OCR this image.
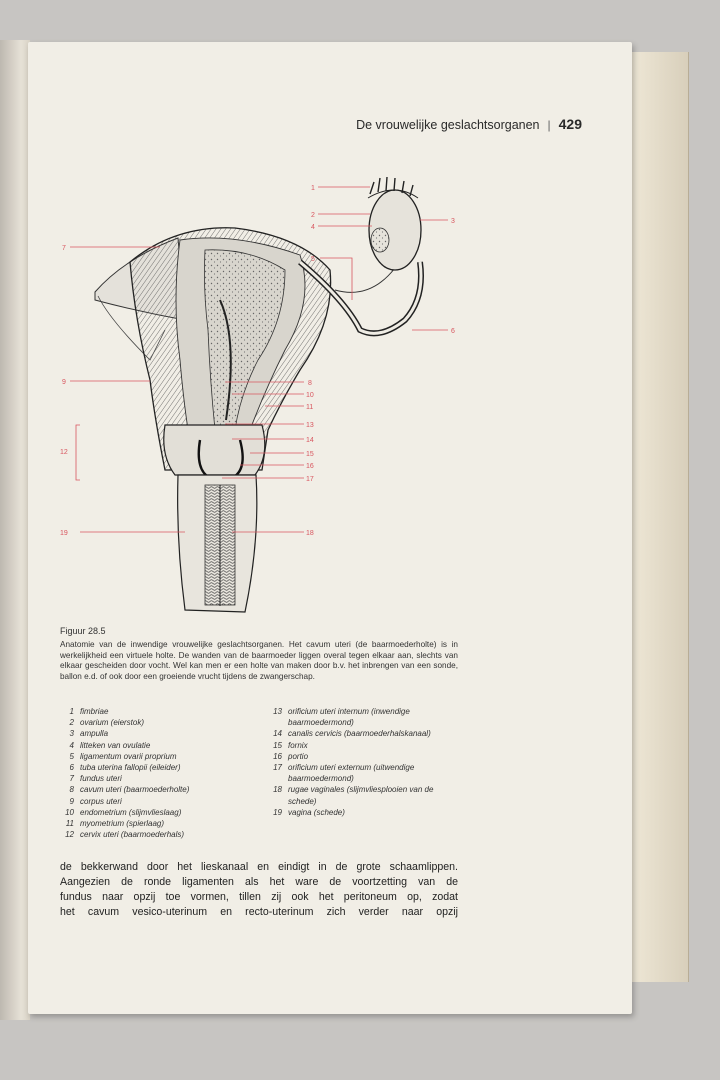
De vrouwelijke geslachtsorganen | 429
1
2
3
4
5
6
7
8
9
10
11
12
13
14
15
16
17
18
19
Figuur 28.5
Anatomie van de inwendige vrouwelijke geslachtsorganen. Het cavum uteri (de baarmoederholte) is in werkelijkheid een virtuele holte. De wanden van de baarmoeder liggen overal tegen elkaar aan, slechts van elkaar gescheiden door vocht. Wel kan men er een holte van maken door b.v. het inbrengen van een sonde, ballon e.d. of ook door een groeiende vrucht tijdens de zwangerschap.
1 fimbriae
2 ovarium (eierstok)
3 ampulla
4 litteken van ovulatie
5 ligamentum ovarii proprium
6 tuba uterina fallopii (eileider)
7 fundus uteri
8 cavum uteri (baarmoederholte)
9 corpus uteri
10 endometrium (slijmvlieslaag)
11 myometrium (spierlaag)
12 cervix uteri (baarmoederhals)
13 orificium uteri internum (inwendige baarmoedermond)
14 canalis cervicis (baarmoederhalskanaal)
15 fornix
16 portio
17 orificium uteri externum (uitwendige baarmoedermond)
18 rugae vaginales (slijmvliesplooien van de schede)
19 vagina (schede)
de bekkerwand door het lieskanaal en eindigt in de grote schaamlippen.
Aangezien de ronde ligamenten als het ware de voortzetting van de
fundus naar opzij toe vormen, tillen zij ook het peritoneum op, zodat
het cavum vesico-uterinum en recto-uterinum zich verder naar opzij
